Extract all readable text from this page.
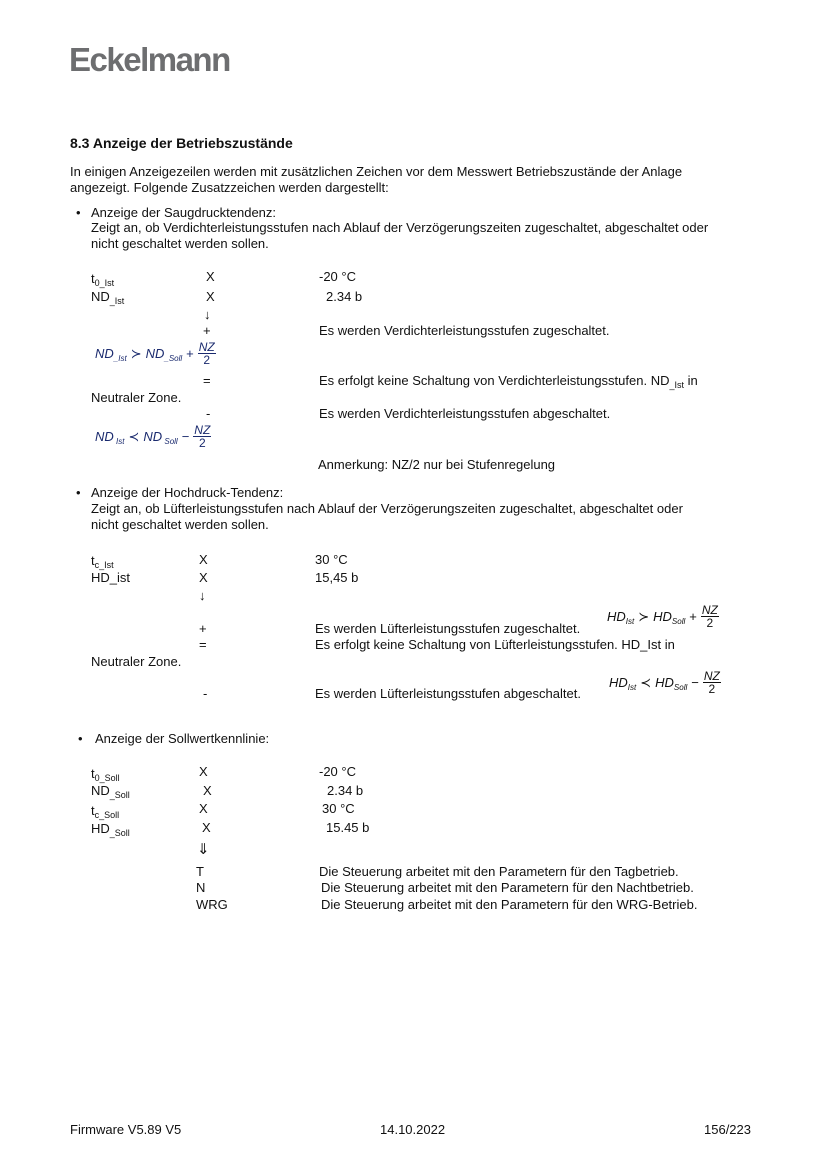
Eckelmann
8.3 Anzeige der Betriebszustände
In einigen Anzeigezeilen werden mit zusätzlichen Zeichen vor dem Messwert Betriebszustände der Anlage
angezeigt. Folgende Zusatzzeichen werden dargestellt:
• Anzeige der Saugdrucktendenz:
Zeigt an, ob Verdichterleistungsstufen nach Ablauf der Verzögerungszeiten zugeschaltet, abgeschaltet oder
nicht geschaltet werden sollen.
$t_{0\_Ist}$	X	-20 °C
$ND_{\_Ist}$	X	2.34 b
↓
+	Es werden Verdichterleistungsstufen zugeschaltet.
$ND_{\_Ist}$ ≻ $ND_{\_Soll} + \frac{NZ}{2}$
=	Es erfolgt keine Schaltung von Verdichterleistungsstufen. $ND_{\_Ist}$ in
Neutraler Zone.
-	Es werden Verdichterleistungsstufen abgeschaltet.
ND $_{Ist}$ ≺ ND $_{Soll} - \frac{NZ}{2}$
Anmerkung: NZ/2 nur bei Stufenregelung
• Anzeige der Hochdruck-Tendenz:
Zeigt an, ob Lüfterleistungsstufen nach Ablauf der Verzögerungszeiten zugeschaltet, abgeschaltet oder
nicht geschaltet werden sollen.
$t_{c\_Ist}$	X	30 °C
HD_ist	X	15,45 b
↓
+	Es werden Lüfterleistungsstufen zugeschaltet.
$HD_{Ist}$ ≻ $HD_{Soll} + \frac{NZ}{2}$
=	Es erfolgt keine Schaltung von Lüfterleistungsstufen. HD_Ist in
Neutraler Zone.
-	Es werden Lüfterleistungsstufen abgeschaltet.
$HD_{Ist}$ ≺ $HD_{Soll} - \frac{NZ}{2}$
• Anzeige der Sollwertkennlinie:
$t_{0\_Soll}$	X	-20 °C
$ND_{\_Soll}$	X	2.34 b
$t_{c\_Soll}$	X	30 °C
$HD_{\_Soll}$	X	15.45 b
⇓
T	Die Steuerung arbeitet mit den Parametern für den Tagbetrieb.
N	Die Steuerung arbeitet mit den Parametern für den Nachtbetrieb.
WRG	Die Steuerung arbeitet mit den Parametern für den WRG-Betrieb.
Firmware V5.89 V5	14.10.2022	156/223
